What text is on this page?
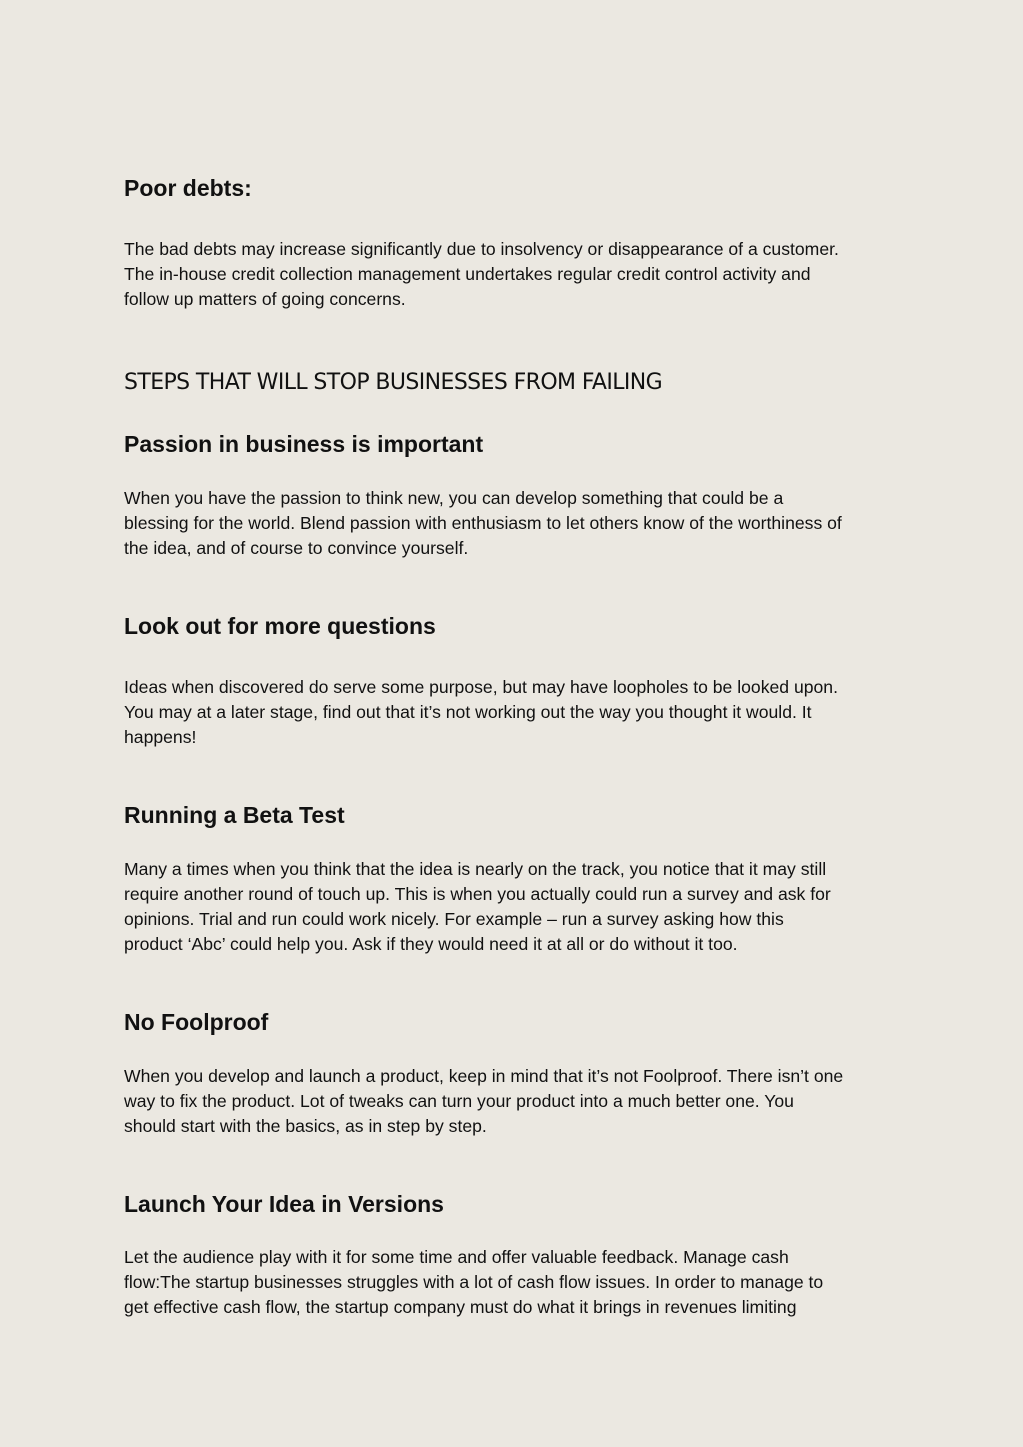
Poor debts:
The bad debts may increase significantly due to insolvency or disappearance of a customer.
The in-house credit collection management undertakes regular credit control activity and
follow up matters of going concerns.
STEPS THAT WILL STOP BUSINESSES FROM FAILING
Passion in business is important
When you have the passion to think new, you can develop something that could be a
blessing for the world. Blend passion with enthusiasm to let others know of the worthiness of
the idea, and of course to convince yourself.
Look out for more questions
Ideas when discovered do serve some purpose, but may have loopholes to be looked upon.
You may at a later stage, find out that it’s not working out the way you thought it would. It
happens!
Running a Beta Test
Many a times when you think that the idea is nearly on the track, you notice that it may still
require another round of touch up. This is when you actually could run a survey and ask for
opinions. Trial and run could work nicely. For example – run a survey asking how this
product ‘Abc’ could help you. Ask if they would need it at all or do without it too.
No Foolproof
When you develop and launch a product, keep in mind that it’s not Foolproof. There isn’t one
way to fix the product. Lot of tweaks can turn your product into a much better one. You
should start with the basics, as in step by step.
Launch Your Idea in Versions
Let the audience play with it for some time and offer valuable feedback. Manage cash
flow:The startup businesses struggles with a lot of cash flow issues. In order to manage to
get effective cash flow, the startup company must do what it brings in revenues limiting
